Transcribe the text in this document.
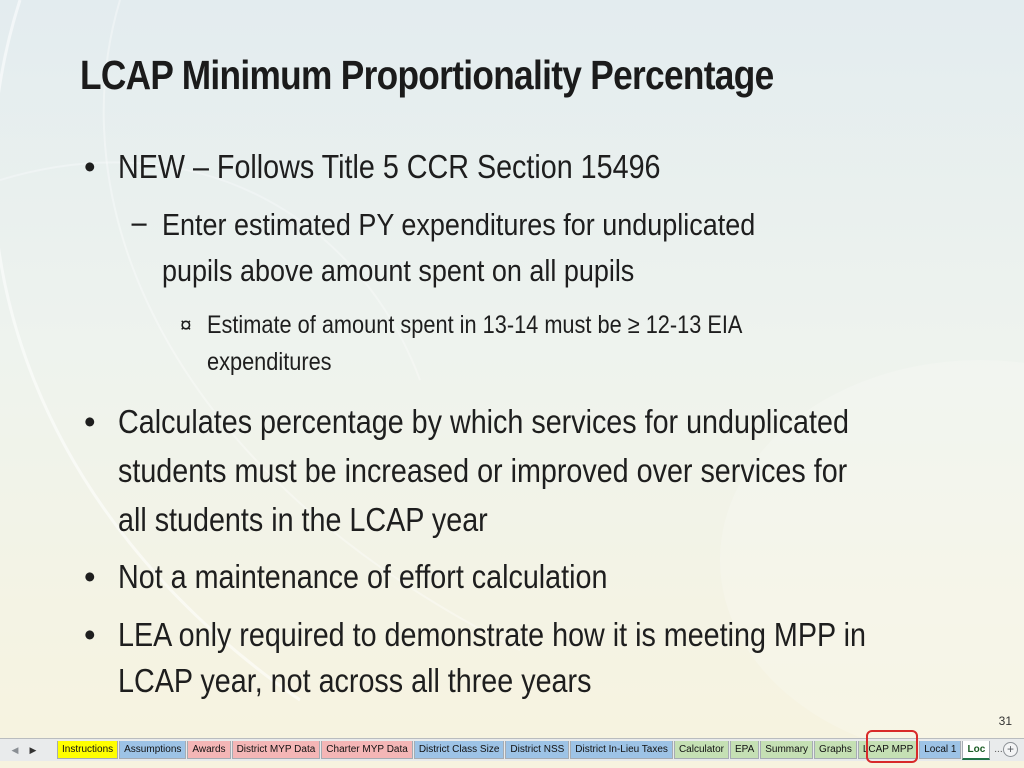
LCAP Minimum Proportionality Percentage
• NEW – Follows Title 5 CCR Section 15496
− Enter estimated PY expenditures for unduplicated
pupils above amount spent on all pupils
¤ Estimate of amount spent in 13-14 must be ≥ 12-13 EIA
expenditures
• Calculates percentage by which services for unduplicated
students must be increased or improved over services for
all students in the LCAP year
• Not a maintenance of effort calculation
• LEA only required to demonstrate how it is meeting MPP in
LCAP year, not across all three years
31
◀	▶	Instructions	Assumptions	Awards	District MYP Data	Charter MYP Data	District Class Size	District NSS	District In-Lieu Taxes	Calculator	EPA	Summary	Graphs	LCAP MPP	Local 1	Loc ... +
